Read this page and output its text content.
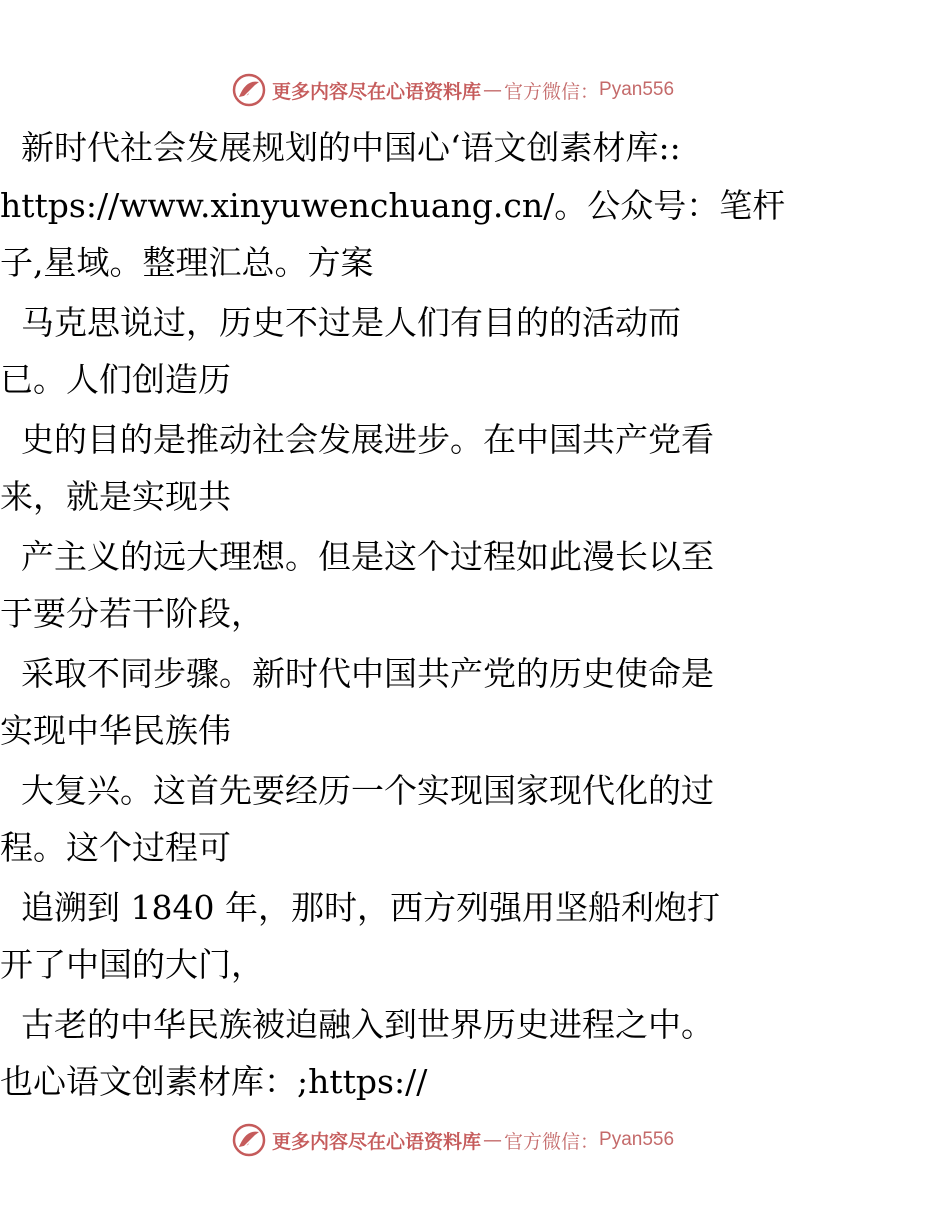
更多内容尽在心语资料库 — 官方微信： Pyan556
新时代社会发展规划的中国心‘语文创素材库::
https://www.xinyuwenchuang.cn/。公众号：笔杆
子,星域。整理汇总。方案
马克思说过，历史不过是人们有目的的活动而
已。人们创造历
史的目的是推动社会发展进步。在中国共产党看
来，就是实现共
产主义的远大理想。但是这个过程如此漫长以至
于要分若干阶段，
采取不同步骤。新时代中国共产党的历史使命是
实现中华民族伟
大复兴。这首先要经历一个实现国家现代化的过
程。这个过程可
追溯到 1840 年，那时，西方列强用坚船利炮打
开了中国的大门，
古老的中华民族被迫融入到世界历史进程之中。
也心语文创素材库：;https://
更多内容尽在心语资料库 — 官方微信： Pyan556
